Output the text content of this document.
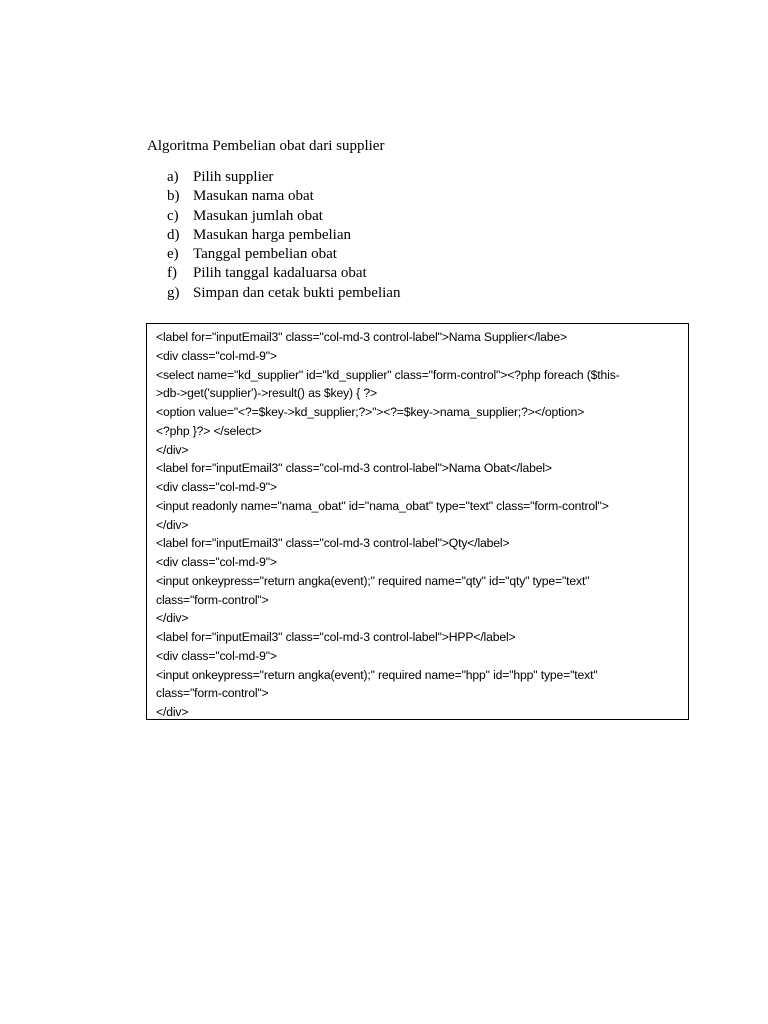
Algoritma Pembelian obat dari supplier
a) Pilih supplier
b) Masukan nama obat
c) Masukan jumlah obat
d) Masukan harga pembelian
e) Tanggal pembelian obat
f) Pilih tanggal kadaluarsa obat
g) Simpan dan cetak bukti pembelian
<label for="inputEmail3" class="col-md-3 control-label">Nama Supplier</labe>
<div class="col-md-9">
<select name="kd_supplier" id="kd_supplier" class="form-control"><?php foreach ($this-
>db->get('supplier')->result() as $key) { ?>
<option value="<?=$key->kd_supplier;?>"><?=$key->nama_supplier;?></option>
<?php }?> </select>
</div>
<label for="inputEmail3" class="col-md-3 control-label">Nama Obat</label>
<div class="col-md-9">
<input readonly name="nama_obat" id="nama_obat" type="text" class="form-control">
</div>
<label for="inputEmail3" class="col-md-3 control-label">Qty</label>
<div class="col-md-9">
<input onkeypress="return angka(event);" required name="qty" id="qty" type="text"
class="form-control">
</div>
<label for="inputEmail3" class="col-md-3 control-label">HPP</label>
<div class="col-md-9">
<input onkeypress="return angka(event);" required name="hpp" id="hpp" type="text"
class="form-control">
</div>
